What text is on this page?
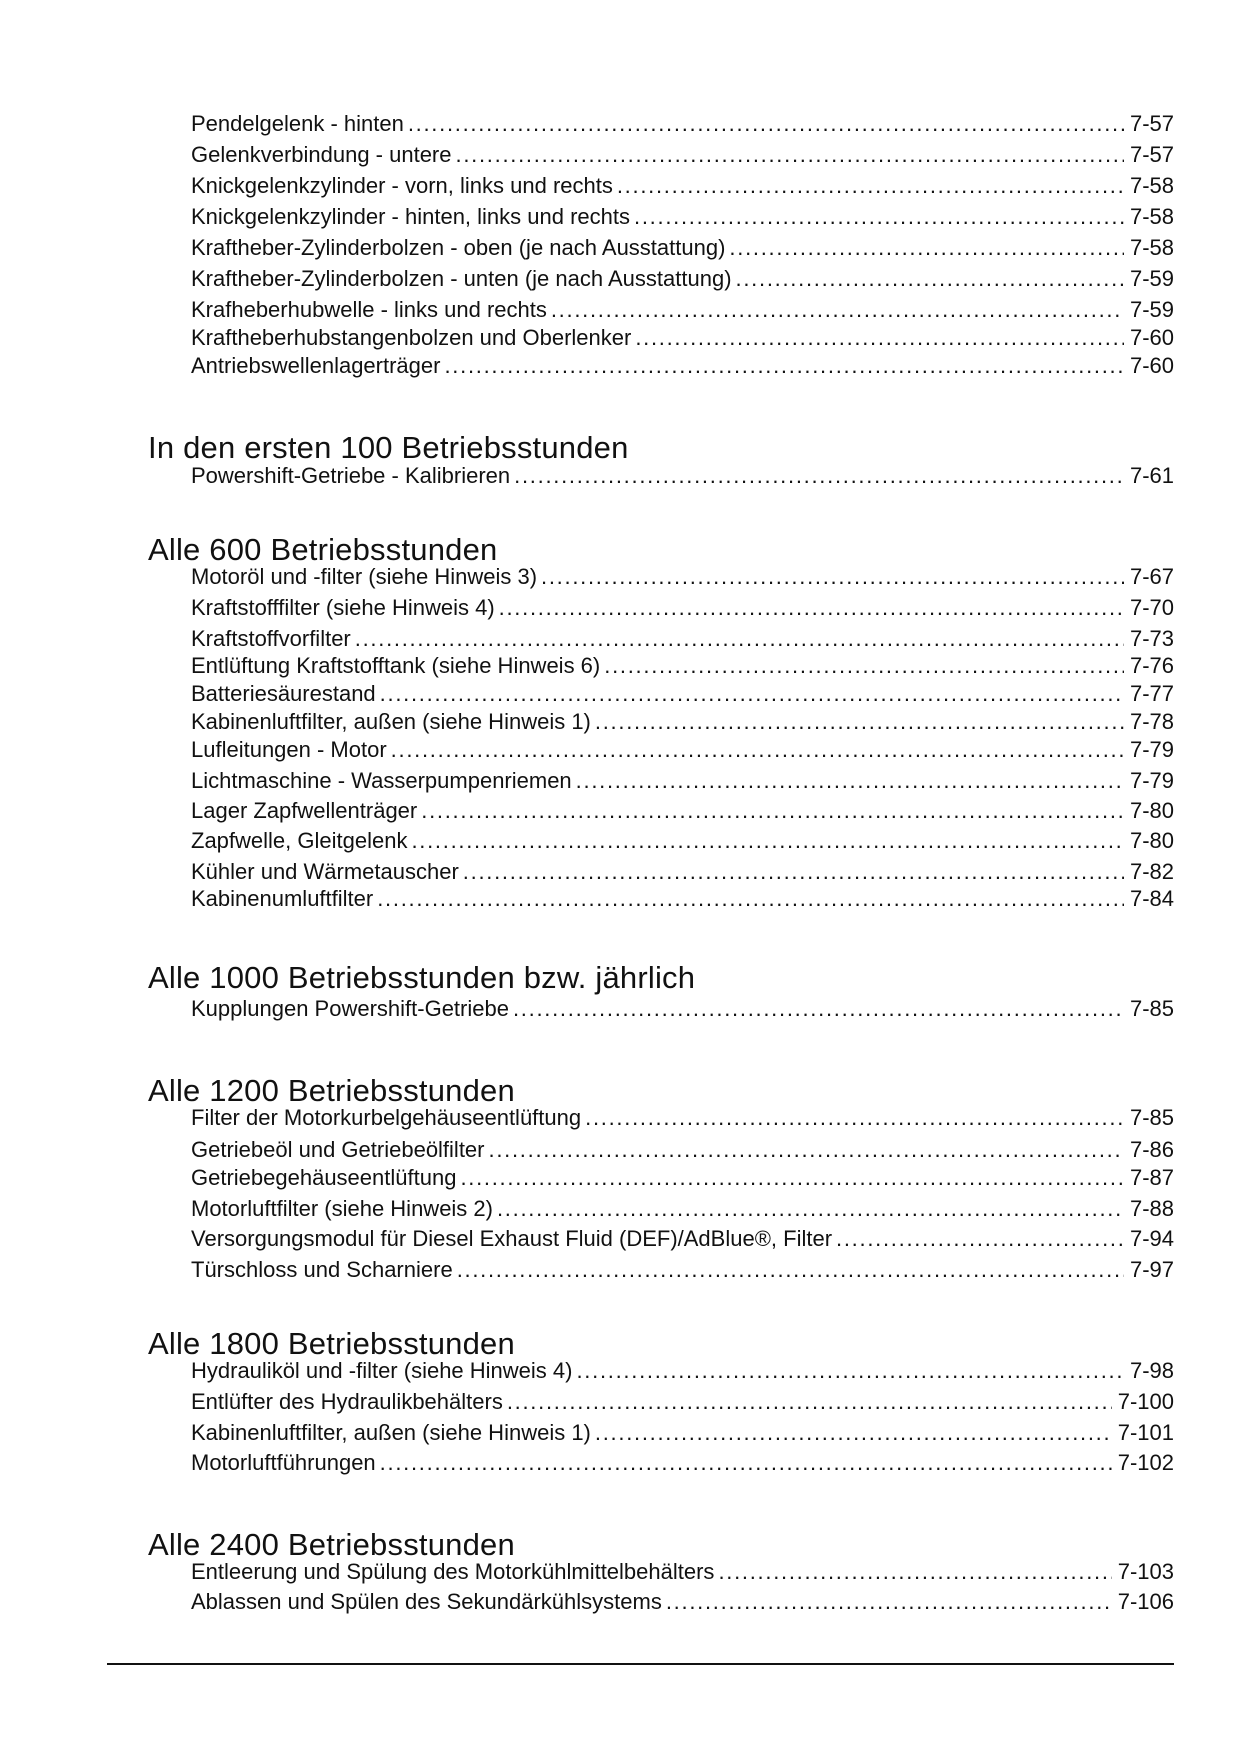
Pendelgelenk - hinten . . .	7-57
Gelenkverbindung - untere . . .	7-57
Knickgelenkzylinder - vorn, links und rechts . . .	7-58
Knickgelenkzylinder - hinten, links und rechts . . .	7-58
Kraftheber-Zylinderbolzen - oben (je nach Ausstattung) . . .	7-58
Kraftheber-Zylinderbolzen - unten (je nach Ausstattung) . . .	7-59
Krafheberhubwelle - links und rechts . . .	7-59
Kraftheberhubstangenbolzen und Oberlenker . . .	7-60
Antriebswellenlagerträger . . .	7-60
In den ersten 100 Betriebsstunden
Powershift-Getriebe - Kalibrieren . . .	7-61
Alle 600 Betriebsstunden
Motoröl und -filter (siehe Hinweis 3) . . .	7-67
Kraftstofffilter (siehe Hinweis 4) . . .	7-70
Kraftstoffvorfilter . . .	7-73
Entlüftung Kraftstofftank (siehe Hinweis 6) . . .	7-76
Batteriesäurestand . . .	7-77
Kabinenluftfilter, außen (siehe Hinweis 1) . . .	7-78
Lufleitungen - Motor . . .	7-79
Lichtmaschine - Wasserpumpenriemen . . .	7-79
Lager Zapfwellenträger . . .	7-80
Zapfwelle, Gleitgelenk . . .	7-80
Kühler und Wärmetauscher . . .	7-82
Kabinenumluftfilter . . .	7-84
Alle 1000 Betriebsstunden bzw. jährlich
Kupplungen Powershift-Getriebe . . .	7-85
Alle 1200 Betriebsstunden
Filter der Motorkurbelgehäuseentlüftung . . .	7-85
Getriebeöl und Getriebeölfilter . . .	7-86
Getriebegehäuseentlüftung . . .	7-87
Motorluftfilter (siehe Hinweis 2) . . .	7-88
Versorgungsmodul für Diesel Exhaust Fluid (DEF)/AdBlue®, Filter . . .	7-94
Türschloss und Scharniere . . .	7-97
Alle 1800 Betriebsstunden
Hydrauliköl und -filter (siehe Hinweis 4) . . .	7-98
Entlüfter des Hydraulikbehälters . . .	7-100
Kabinenluftfilter, außen (siehe Hinweis 1) . . .	7-101
Motorluftführungen . . .	7-102
Alle 2400 Betriebsstunden
Entleerung und Spülung des Motorkühlmittelbehälters . . .	7-103
Ablassen und Spülen des Sekundärkühlsystems . . .	7-106
